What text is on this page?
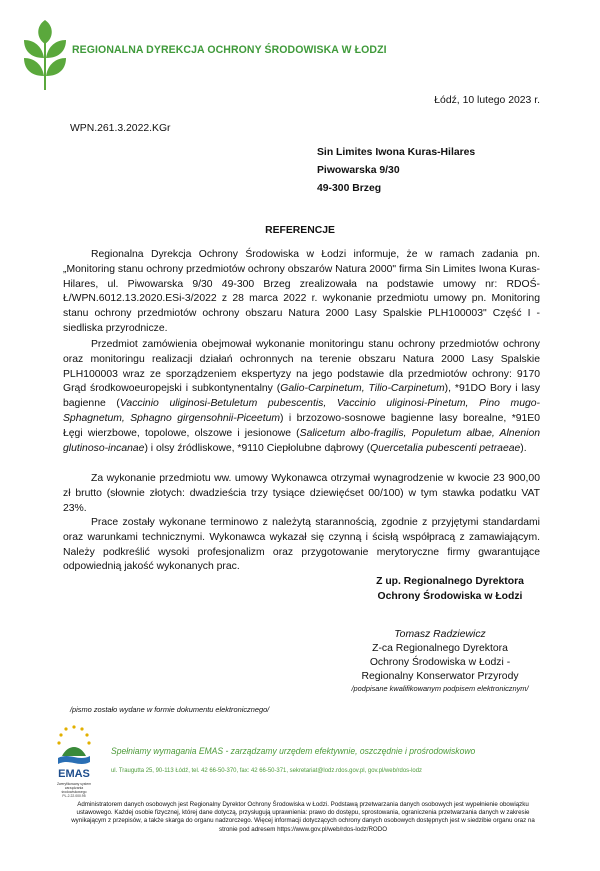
REGIONALNA DYREKCJA OCHRONY ŚRODOWISKA W ŁODZI
Łódź, 10 lutego 2023 r.
WPN.261.3.2022.KGr
Sin Limites Iwona Kuras-Hilares
Piwowarska 9/30
49-300 Brzeg
REFERENCJE
Regionalna Dyrekcja Ochrony Środowiska w Łodzi informuje, że w ramach zadania pn. „Monitoring stanu ochrony przedmiotów ochrony obszarów Natura 2000" firma Sin Limites Iwona Kuras-Hilares, ul. Piwowarska 9/30 49-300 Brzeg zrealizowała na podstawie umowy nr: RDOŚ-Ł/WPN.6012.13.2020.ESi-3/2022 z 28 marca 2022 r. wykonanie przedmiotu umowy pn. Monitoring stanu ochrony przedmiotów ochrony obszaru Natura 2000 Lasy Spalskie PLH100003" Część I - siedliska przyrodnicze.
Przedmiot zamówienia obejmował wykonanie monitoringu stanu ochrony przedmiotów ochrony oraz monitoringu realizacji działań ochronnych na terenie obszaru Natura 2000 Lasy Spalskie PLH100003 wraz ze sporządzeniem ekspertyzy na jego podstawie dla przedmiotów ochrony: 9170 Grąd środkowoeuropejski i subkontynentalny (Galio-Carpinetum, Tilio-Carpinetum), *91DO Bory i lasy bagienne (Vaccinio uliginosi-Betuletum pubescentis, Vaccinio uliginosi-Pinetum, Pino mugo-Sphagnetum, Sphagno girgensohnii-Piceetum) i brzozowo-sosnowe bagienne lasy borealne, *91E0 Łęgi wierzbowe, topolowe, olszowe i jesionowe (Salicetum albo-fragilis, Populetum albae, Alnenion glutinoso-incanae) i olsy źródliskowe, *9110 Ciepłolubne dąbrowy (Quercetalia pubescenti petraeae).
Za wykonanie przedmiotu ww. umowy Wykonawca otrzymał wynagrodzenie w kwocie 23 900,00 zł brutto (słownie złotych: dwadzieścia trzy tysiące dziewięćset 00/100) w tym stawka podatku VAT 23%.
Prace zostały wykonane terminowo z należytą starannością, zgodnie z przyjętymi standardami oraz warunkami technicznymi. Wykonawca wykazał się czynną i ścisłą współpracą z zamawiającym. Należy podkreślić wysoki profesjonalizm oraz przygotowanie merytoryczne firmy gwarantujące odpowiednią jakość wykonanych prac.
Z up. Regionalnego Dyrektora
Ochrony Środowiska w Łodzi
Tomasz Radziewicz
Z-ca Regionalnego Dyrektora
Ochrony Środowiska w Łodzi -
Regionalny Konserwator Przyrody
/podpisane kwalifikowanym podpisem elektronicznym/
/pismo zostało wydane w formie dokumentu elektronicznego/
EMAS
Zweryfikowany system
zarządzania
środowiskowego
PL-2.22.000.95
Spełniamy wymagania EMAS - zarządzamy urzędem efektywnie, oszczędnie i prośrodowiskowo
ul. Traugutta 25, 90-113 Łódź, tel. 42 66-50-370, fax: 42 66-50-371, sekretariat@lodz.rdos.gov.pl, gov.pl/web/rdos-lodz
Administratorem danych osobowych jest Regionalny Dyrektor Ochrony Środowiska w Łodzi. Podstawą przetwarzania danych osobowych jest wypełnienie obowiązku ustawowego. Każdej osobie fizycznej, której dane dotyczą, przysługują uprawnienia: prawo do dostępu, sprostowania, ograniczenia przetwarzania danych w zakresie wynikającym z przepisów, a także skarga do organu nadzorczego. Więcej informacji dotyczących ochrony danych osobowych dostępnych jest w siedzibie organu oraz na stronie pod adresem https://www.gov.pl/web/rdos-lodz/RODO
